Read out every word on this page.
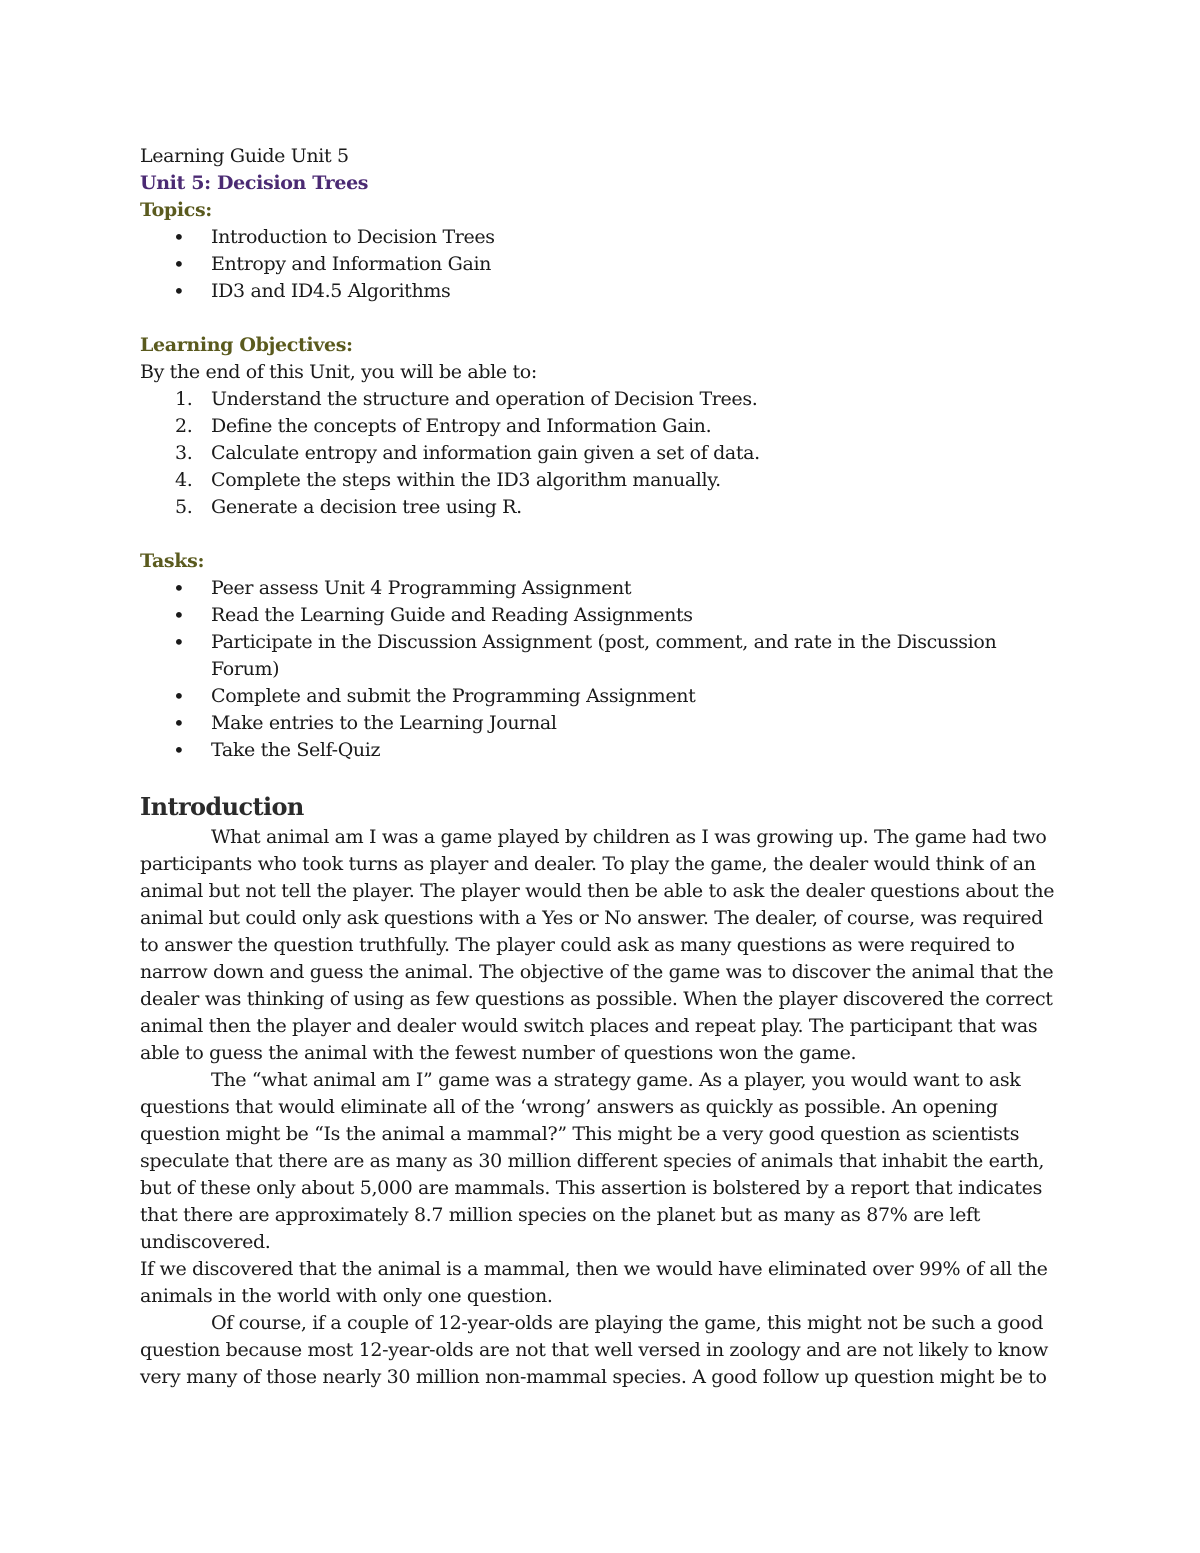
Learning Guide Unit 5

Unit 5: Decision Trees

Topics:

• Introduction to Decision Trees
• Entropy and Information Gain
• ID3 and ID4.5 Algorithms

Learning Objectives:

By the end of this Unit, you will be able to:

1. Understand the structure and operation of Decision Trees.
2. Define the concepts of Entropy and Information Gain.
3. Calculate entropy and information gain given a set of data.
4. Complete the steps within the ID3 algorithm manually.
5. Generate a decision tree using R.

Tasks:

• Peer assess Unit 4 Programming Assignment
• Read the Learning Guide and Reading Assignments
• Participate in the Discussion Assignment (post, comment, and rate in the Discussion Forum)
• Complete and submit the Programming Assignment
• Make entries to the Learning Journal
• Take the Self-Quiz
Introduction

What animal am I was a game played by children as I was growing up. The game had two participants who took turns as player and dealer. To play the game, the dealer would think of an animal but not tell the player. The player would then be able to ask the dealer questions about the animal but could only ask questions with a Yes or No answer. The dealer, of course, was required to answer the question truthfully. The player could ask as many questions as were required to narrow down and guess the animal. The objective of the game was to discover the animal that the dealer was thinking of using as few questions as possible. When the player discovered the correct animal then the player and dealer would switch places and repeat play. The participant that was able to guess the animal with the fewest number of questions won the game.

The “what animal am I” game was a strategy game. As a player, you would want to ask questions that would eliminate all of the ‘wrong’ answers as quickly as possible. An opening question might be “Is the animal a mammal?” This might be a very good question as scientists speculate that there are as many as 30 million different species of animals that inhabit the earth, but of these only about 5,000 are mammals. This assertion is bolstered by a report that indicates that there are approximately 8.7 million species on the planet but as many as 87% are left undiscovered.

If we discovered that the animal is a mammal, then we would have eliminated over 99% of all the animals in the world with only one question.

Of course, if a couple of 12-year-olds are playing the game, this might not be such a good question because most 12-year-olds are not that well versed in zoology and are not likely to know very many of those nearly 30 million non-mammal species. A good follow up question might be to
